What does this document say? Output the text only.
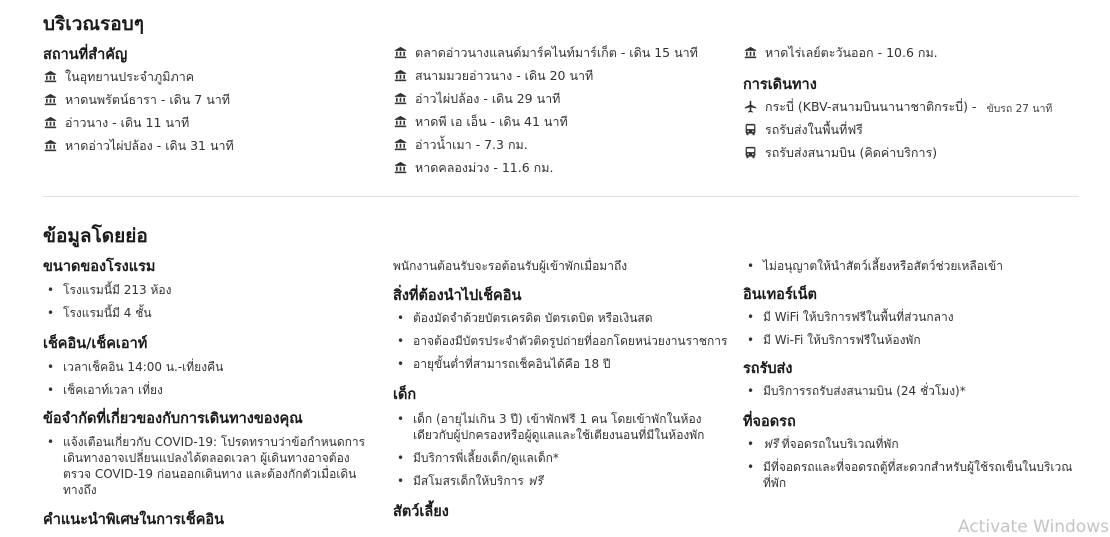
บริเวณรอบๆ
สถานที่สำคัญ
ในอุทยานประจำภูมิภาค
หาดนพรัตน์ธารา - เดิน 7 นาที
อ่าวนาง - เดิน 11 นาที
หาดอ่าวไผ่ปล้อง - เดิน 31 นาที
ตลาดอ่าวนางแลนด์มาร์คไนท์มาร์เก็ต - เดิน 15 นาที
สนามมวยอ่าวนาง - เดิน 20 นาที
อ่าวไผ่ปล้อง - เดิน 29 นาที
หาดพี เอ เอ็น - เดิน 41 นาที
อ่าวน้ำเมา - 7.3 กม.
หาดคลองม่วง - 11.6 กม.
หาดไร่เลย์ตะวันออก - 10.6 กม.
การเดินทาง
กระบี่ (KBV-สนามบินนานาชาติกระบี่) - ขับรถ 27 นาที
รถรับส่งในพื้นที่ฟรี
รถรับส่งสนามบิน (คิดค่าบริการ)
ข้อมูลโดยย่อ
ขนาดของโรงแรม
• โรงแรมนี้มี 213 ห้อง
• โรงแรมนี้มี 4 ชั้น
เช็คอิน/เช็คเอาท์
• เวลาเช็คอิน 14:00 น.-เที่ยงคืน
• เช็คเอาท์เวลา เที่ยง
ข้อจำกัดที่เกี่ยวของกับการเดินทางของคุณ
• แจ้งเตือนเกี่ยวกับ COVID-19: โปรดทราบว่าข้อกำหนดการเดินทางอาจเปลี่ยนแปลงได้ตลอดเวลา ผู้เดินทางอาจต้องตรวจ COVID-19 ก่อนออกเดินทาง และต้องกักตัวเมื่อเดินทางถึง
คำแนะนำพิเศษในการเช็คอิน
พนักงานต้อนรับจะรอต้อนรับผู้เข้าพักเมื่อมาถึง
สิ่งที่ต้องนำไปเช็คอิน
• ต้องมัดจำด้วยบัตรเครดิต บัตรเดบิต หรือเงินสด
• อาจต้องมีบัตรประจำตัวติดรูปถ่ายที่ออกโดยหน่วยงานราชการ
• อายุขั้นต่ำที่สามารถเช็คอินได้คือ 18 ปี
เด็ก
• เด็ก (อายุไม่เกิน 3 ปี) เข้าพักฟรี 1 คน โดยเข้าพักในห้องเดียวกับผู้ปกครองหรือผู้ดูแลและใช้เตียงนอนที่มีในห้องพัก
• มีบริการพี่เลี้ยงเด็ก/ดูแลเด็ก*
• มีสโมสรเด็กให้บริการ ฟรี
สัตว์เลี้ยง
• ไม่อนุญาตให้นำสัตว์เลี้ยงหรือสัตว์ช่วยเหลือเข้า
อินเทอร์เน็ต
• มี WiFi ให้บริการฟรีในพื้นที่ส่วนกลาง
• มี Wi-Fi ให้บริการฟรีในห้องพัก
รถรับส่ง
• มีบริการรถรับส่งสนามบิน (24 ชั่วโมง)*
ที่จอดรถ
• ฟรี ที่จอดรถในบริเวณที่พัก
• มีที่จอดรถและที่จอดรถตู้ที่สะดวกสำหรับผู้ใช้รถเข็นในบริเวณที่พัก
Activate Windows
